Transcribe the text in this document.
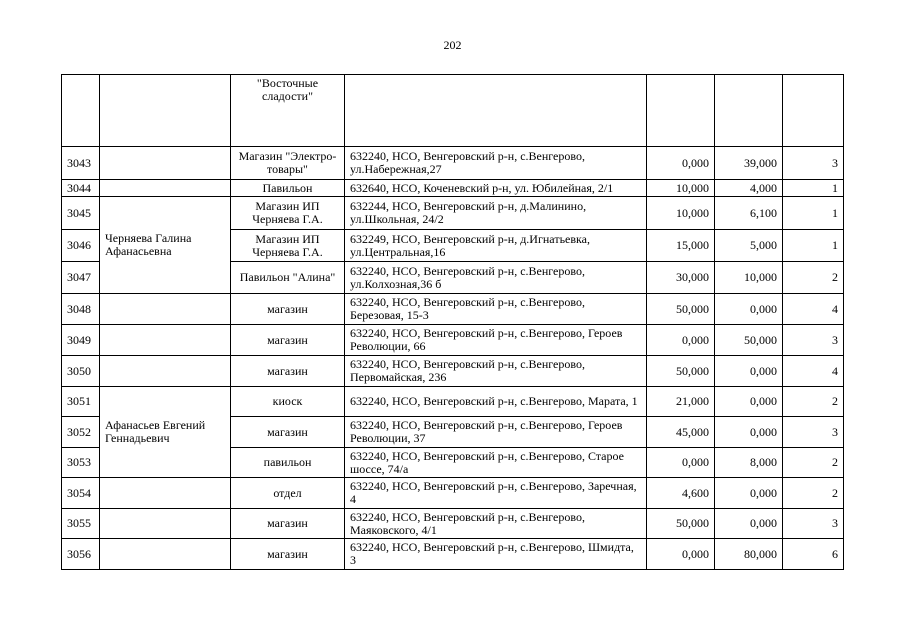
202
		"Восточные сладости"				
3043		Магазин "Электро-товары"	632240, НСО, Венгеровский р-н, с.Венгерово, ул.Набережная,27	0,000	39,000	3
3044		Павильон	632640, НСО, Коченевский р-н, ул. Юбилейная, 2/1	10,000	4,000	1
3045	Черняева Галина Афанасьевна	Магазин ИП Черняева Г.А.	632244, НСО, Венгеровский р-н, д.Малинино, ул.Школьная, 24/2	10,000	6,100	1
3046		Магазин ИП Черняева Г.А.	632249, НСО, Венгеровский р-н, д.Игнатьевка, ул.Центральная,16	15,000	5,000	1
3047		Павильон "Алина"	632240, НСО, Венгеровский р-н, с.Венгерово, ул.Колхозная,36 б	30,000	10,000	2
3048		магазин	632240, НСО, Венгеровский р-н, с.Венгерово, Березовая, 15-3	50,000	0,000	4
3049		магазин	632240, НСО, Венгеровский р-н, с.Венгерово, Героев Революции, 66	0,000	50,000	3
3050		магазин	632240, НСО, Венгеровский р-н, с.Венгерово, Первомайская, 236	50,000	0,000	4
3051	Афанасьев Евгений Геннадьевич	киоск	632240, НСО, Венгеровский р-н, с.Венгерово, Марата, 1	21,000	0,000	2
3052		магазин	632240, НСО, Венгеровский р-н, с.Венгерово, Героев Революции, 37	45,000	0,000	3
3053		павильон	632240, НСО, Венгеровский р-н, с.Венгерово, Старое шоссе, 74/а	0,000	8,000	2
3054		отдел	632240, НСО, Венгеровский р-н, с.Венгерово, Заречная, 4	4,600	0,000	2
3055		магазин	632240, НСО, Венгеровский р-н, с.Венгерово, Маяковского, 4/1	50,000	0,000	3
3056		магазин	632240, НСО, Венгеровский р-н, с.Венгерово, Шмидта, 3	0,000	80,000	6
